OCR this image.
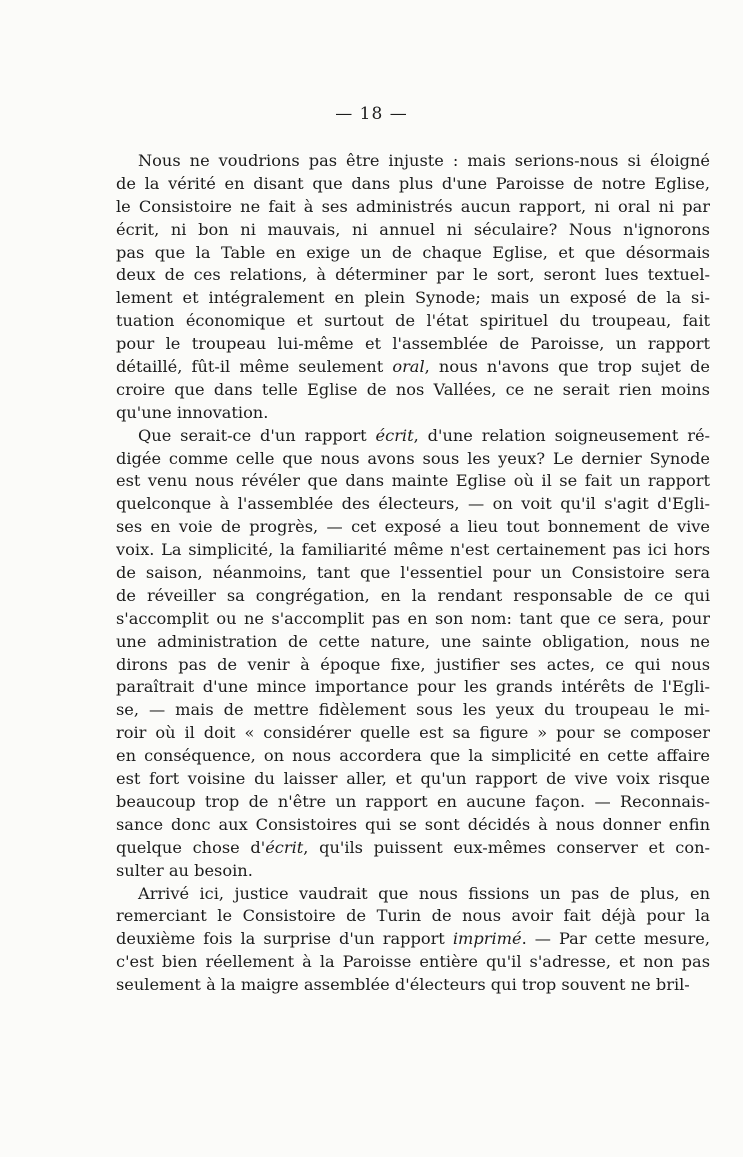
— 18 —
Nous ne voudrions pas être injuste : mais serions-nous si éloigné
de la vérité en disant que dans plus d'une Paroisse de notre Eglise,
le Consistoire ne fait à ses administrés aucun rapport, ni oral ni par
écrit, ni bon ni mauvais, ni annuel ni séculaire? Nous n'ignorons
pas que la Table en exige un de chaque Eglise, et que désormais
deux de ces relations, à déterminer par le sort, seront lues textuel-
lement et intégralement en plein Synode; mais un exposé de la si-
tuation économique et surtout de l'état spirituel du troupeau, fait
pour le troupeau lui-même et l'assemblée de Paroisse, un rapport
détaillé, fût-il même seulement oral, nous n'avons que trop sujet de
croire que dans telle Eglise de nos Vallées, ce ne serait rien moins
qu'une innovation.
Que serait-ce d'un rapport écrit, d'une relation soigneusement ré-
digée comme celle que nous avons sous les yeux? Le dernier Synode
est venu nous révéler que dans mainte Eglise où il se fait un rapport
quelconque à l'assemblée des électeurs, — on voit qu'il s'agit d'Egli-
ses en voie de progrès, — cet exposé a lieu tout bonnement de vive
voix. La simplicité, la familiarité même n'est certainement pas ici hors
de saison, néanmoins, tant que l'essentiel pour un Consistoire sera
de réveiller sa congrégation, en la rendant responsable de ce qui
s'accomplit ou ne s'accomplit pas en son nom: tant que ce sera, pour
une administration de cette nature, une sainte obligation, nous ne
dirons pas de venir à époque fixe, justifier ses actes, ce qui nous
paraîtrait d'une mince importance pour les grands intérêts de l'Egli-
se, — mais de mettre fidèlement sous les yeux du troupeau le mi-
roir où il doit « considérer quelle est sa figure » pour se composer
en conséquence, on nous accordera que la simplicité en cette affaire
est fort voisine du laisser aller, et qu'un rapport de vive voix risque
beaucoup trop de n'être un rapport en aucune façon. — Reconnais-
sance donc aux Consistoires qui se sont décidés à nous donner enfin
quelque chose d'écrit, qu'ils puissent eux-mêmes conserver et con-
sulter au besoin.
Arrivé ici, justice vaudrait que nous fissions un pas de plus, en
remerciant le Consistoire de Turin de nous avoir fait déjà pour la
deuxième fois la surprise d'un rapport imprimé. — Par cette mesure,
c'est bien réellement à la Paroisse entière qu'il s'adresse, et non pas
seulement à la maigre assemblée d'électeurs qui trop souvent ne bril-
